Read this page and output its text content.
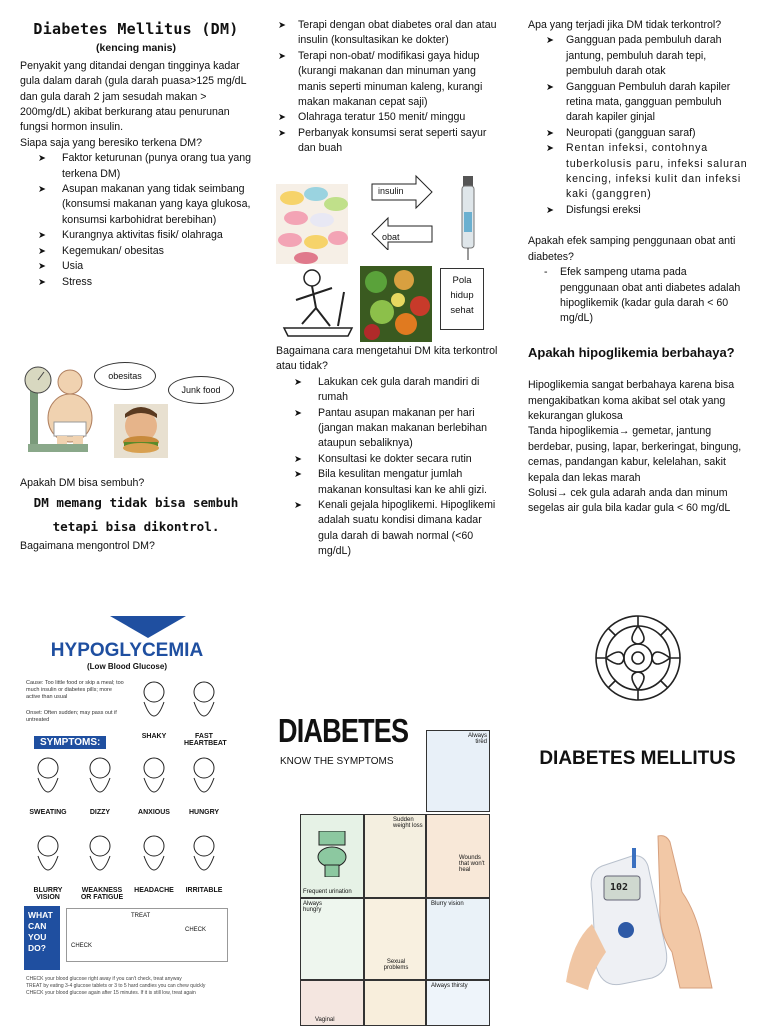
Diabetes Mellitus (DM)
(kencing manis)

Penyakit yang ditandai dengan tingginya kadar gula dalam darah (gula darah puasa>125 mg/dL dan gula darah 2 jam sesudah makan > 200mg/dL) akibat berkurang atau penurunan fungsi hormon insulin.

Siapa saja yang beresiko terkena DM?

➤ Faktor keturunan (punya orang tua yang terkena DM)
➤ Asupan makanan yang tidak seimbang (konsumsi makanan yang kaya glukosa, konsumsi karbohidrat berebihan)
➤ Kurangnya aktivitas fisik/ olahraga
➤ Kegemukan/ obesitas
➤ Usia
➤ Stress
obesitas
Junk food

Apakah DM bisa sembuh?

DM memang tidak bisa sembuh
tetapi bisa dikontrol.

Bagaimana mengontrol DM?

➤ Terapi dengan obat diabetes oral dan atau insulin (konsultasikan ke dokter)
➤ Terapi non-obat/ modifikasi gaya hidup (kurangi makanan dan minuman yang manis seperti minuman kaleng, kurangi makan makanan cepat saji)
➤ Olahraga teratur 150 menit/ minggu
➤ Perbanyak konsumsi serat seperti sayur dan buah
insulin
obat
Pola
hidup
sehat

Bagaimana cara mengetahui DM kita terkontrol atau tidak?

➤ Lakukan cek gula darah mandiri di rumah
➤ Pantau asupan makanan per hari (jangan makan makanan berlebihan ataupun sebaliknya)
➤ Konsultasi ke dokter secara rutin
➤ Bila kesulitan mengatur jumlah makanan konsultasi kan ke ahli gizi.
➤ Kenali gejala hipoglikemi. Hipoglikemi adalah suatu kondisi dimana kadar gula darah di bawah normal (<60 mg/dL)

Apa yang terjadi jika DM tidak terkontrol?

➤ Gangguan pada pembuluh darah jantung, pembuluh darah tepi, pembuluh darah otak
➤ Gangguan Pembuluh darah kapiler retina mata, gangguan pembuluh darah kapiler ginjal
➤ Neuropati (gangguan saraf)
➤ Rentan infeksi, contohnya tuberkolusis paru, infeksi saluran kencing, infeksi kulit dan infeksi kaki (ganggren)
➤ Disfungsi ereksi

Apakah efek samping penggunaan obat anti diabetes?

- Efek sampeng utama pada penggunaan obat anti diabetes adalah hipoglikemik (kadar gula darah < 60 mg/dL)

Apakah hipoglikemia berbahaya?

Hipoglikemia sangat berbahaya karena bisa mengakibatkan koma akibat sel otak yang kekurangan glukosa

Tanda hipoglikemia→ gemetar, jantung berdebar, pusing, lapar, berkeringat, bingung, cemas, pandangan kabur, kelelahan, sakit kepala dan lekas marah

Solusi→ cek gula adarah anda dan minum segelas air gula bila kadar gula < 60 mg/dL

HYPOGLYCEMIA
(Low Blood Glucose)
Cause: Too little food or skip a meal; too much insulin or diabetes pills; more active than usual
Onset: Often sudden; may pass out if untreated
SYMPTOMS:
SHAKY	FAST HEARTBEAT
SWEATING	DIZZY	ANXIOUS	HUNGRY
BLURRY VISION
WEAKNESS OR FATIGUE
HEADACHE IRRITABLE
WHAT CAN YOU DO?	CHECK
TREAT
CHECK
CHECK your blood glucose right away if you can't check, treat anyway
TREAT by eating 3-4 glucose tablets or 3 to 5 hard candies you can chew quickly
CHECK your blood glucose again after 15 minutes. If it is still low, treat again
DIABETES
KNOW THE SYMPTOMS
Always tired
Frequent urination
Sudden weight loss
Wounds that won't heal
Always hungry
Sexual problems
Blurry vision
Vaginal
Always thirsty
DIABETES MELLITUS
102
